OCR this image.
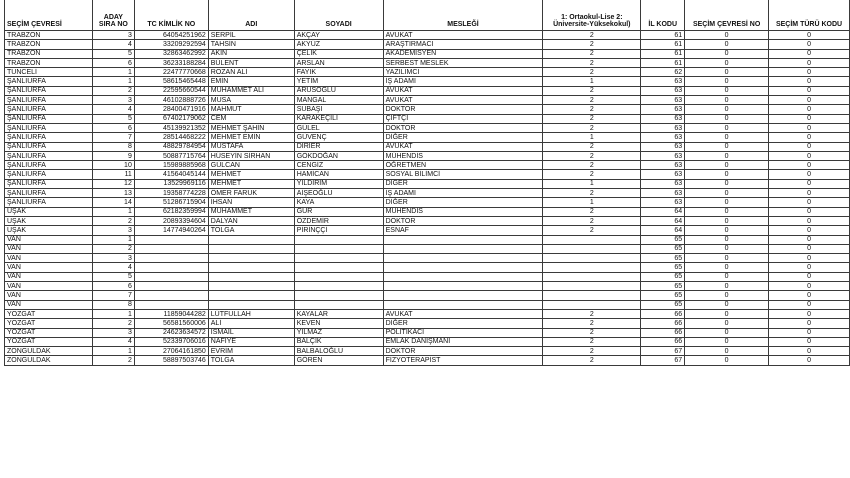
SEÇİM ÇEVRESİ	ADAY SIRA NO	TC KİMLİK NO	ADI	SOYADI	MESLEĞİ	1: Ortaokul-Lise 2: Üniversite-Yüksekokul)	İL KODU	SEÇİM ÇEVRESİ NO	SEÇİM TÜRÜ KODU
TRABZON	3	64054251962	SERPİL	AKÇAY	AVUKAT	2	61	0	0
TRABZON	4	33209292594	TAHSİN	AKYÜZ	ARAŞTIRMACI	2	61	0	0
TRABZON	5	32863462992	AKIN	ÇELİK	AKADEMİSYEN	2	61	0	0
TRABZON	6	36233188284	BÜLENT	ARSLAN	SERBEST MESLEK	2	61	0	0
TUNCELİ	1	22477770668	ROZAN ALİ	FAYIK	YAZILIMCI	2	62	0	0
ŞANLIURFA	1	58615465448	EMİN	YETİM	İŞ ADAMI	1	63	0	0
ŞANLIURFA	2	22595660544	MUHAMMET ALİ	ARUSOĞLU	AVUKAT	2	63	0	0
ŞANLIURFA	3	46102888726	MUSA	MANGAL	AVUKAT	2	63	0	0
ŞANLIURFA	4	28400471916	MAHMUT	SUBAŞI	DOKTOR	2	63	0	0
ŞANLIURFA	5	67402179062	CEM	KARAKEÇİLİ	ÇİFTÇİ	2	63	0	0
ŞANLIURFA	6	45139921352	MEHMET ŞAHİN	GÜLEL	DOKTOR	2	63	0	0
ŞANLIURFA	7	28514468222	MEHMET EMİN	GÜVENÇ	DİĞER	1	63	0	0
ŞANLIURFA	8	48829784954	MUSTAFA	DİRİER	AVUKAT	2	63	0	0
ŞANLIURFA	9	50887715764	HÜSEYİN SİRHAN	GÖKDOĞAN	MÜHENDİS	2	63	0	0
ŞANLIURFA	10	15989885968	GÜLCAN	CENGİZ	ÖĞRETMEN	2	63	0	0
ŞANLIURFA	11	41564045144	MEHMET	HAMİCAN	SOSYAL BİLİMCİ	2	63	0	0
ŞANLIURFA	12	13529969116	MEHMET	YILDIRIM	DİĞER	1	63	0	0
ŞANLIURFA	13	19358774228	ÖMER FARUK	AİŞEOĞLU	İŞ ADAMI	2	63	0	0
ŞANLIURFA	14	51286715904	İHSAN	KAYA	DİĞER	1	63	0	0
UŞAK	1	62182359994	MUHAMMET	GÜR	MÜHENDİS	2	64	0	0
UŞAK	2	20893394604	DALYAN	ÖZDEMİR	DOKTOR	2	64	0	0
UŞAK	3	14774940264	TOLGA	PİRİNÇÇİ	ESNAF	2	64	0	0
VAN	1						65	0	0
VAN	2						65	0	0
VAN	3						65	0	0
VAN	4						65	0	0
VAN	5						65	0	0
VAN	6						65	0	0
VAN	7						65	0	0
VAN	8						65	0	0
YOZGAT	1	11859044282	LÜTFULLAH	KAYALAR	AVUKAT	2	66	0	0
YOZGAT	2	56581560006	ALİ	KEVEN	DİĞER	2	66	0	0
YOZGAT	3	24623634572	İSMAİL	YILMAZ	POLİTİKACI	2	66	0	0
YOZGAT	4	52339706016	NAFİYE	BALÇIK	EMLAK DANIŞMANI	2	66	0	0
ZONGULDAK	1	27064161850	EVRİM	BALBALOĞLU	DOKTOR	2	67	0	0
ZONGULDAK	2	58897503746	TOLGA	GÖREN	FİZYOTERAPİST	2	67	0	0
